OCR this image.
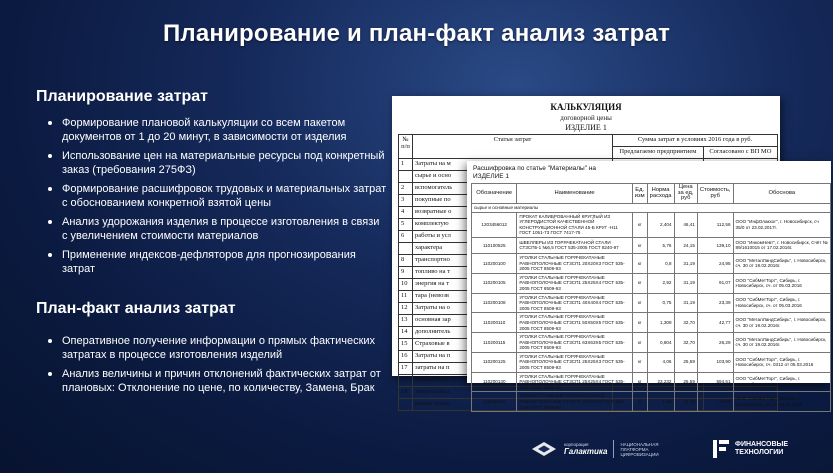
Планирование и план-факт анализ затрат
Планирование затрат
Формирование плановой калькуляции со всем пакетом документов от 1 до 20 минут, в зависимости от изделия
Использование цен на материальные ресурсы под конкретный заказ (требования 275ФЗ)
Формирование расшифровок трудовых и материальных затрат с обоснованием конкретной взятой цены
Анализ удорожания изделия в процессе изготовления в связи с увеличением стоимости материалов
Применение индексов-дефляторов для прогнозирования затрат
План-факт анализ затрат
Оперативное получение информации о прямых фактических затратах в процессе изготовления изделий
Анализ величины и причин отклонений фактических затрат от плановых: Отклонение по цене, по количеству, Замена, Брак
КАЛЬКУЛЯЦИЯ
договорной цены
ИЗДЕЛИЕ 1
№ п/п	Статьи затрат	Сумма затрат в условиях 2016 года в руб.	
		Предлагаемо предприятием	Согласовано с ВП МО
1	Затраты на м		
	сырье и осно		
2	вспомогатель		
3	покупные по		
4	возвратные о		
5	комплектую		
6	работы и усл		
	характера		
8	транспортно		
9	топливо на т		
10	энергия на т		
11	тара (невозв		
12	Затраты на о		
13	основная зар		
14	дополнитель		
15	Страховые в		
16	Затраты на п		
17	затраты на п		
	агрегатов (п		
18	затраты на п		
	новых техно		
Расшифровка по статье "Материалы" на
ИЗДЕЛИЕ 1
Обозначение	Наименование	Ед. изм	Норма расхода	Цена за ед, руб	Стоимость, руб	Обоснова
сырье и основные материалы						
1203456012	ПРОКАТ КАЛИБРОВАННЫЙ КРУГЛЫЙ ИЗ УГЛЕРОДИСТОЙ КАЧЕСТВЕННОЙ КОНСТРУКЦИОННОЙ СТАЛИ 45-Б КРУГ -Н11 ГОСТ 1051-73 ГОСТ 7417-75	кг	2,404	46,41	112,56	ООО "ИнфОлакхог", г. Новосибирск, сч 35/0 от 23.02.2017г.
110100525	ШВЕЛЛЕРЫ ИЗ ГОРЯЧЕКАТАНОЙ СТАЛИ СТ3СП5-1 №6,5 ГОСТ 535-2005 ГОСТ 8240-97	кг	5,76	24,15	139,10	ООО "ИнкомНевт", г. Новосибирск, Счёт № 89/1610015 от 17.02.2016г.
110200100	УГОЛКИ СТАЛЬНЫЕ ГОРЯЧЕКАТАНЫЕ РАВНОПОЛОЧНЫЕ СТ3СП1 20Х20Х3 ГОСТ 535-2005 ГОСТ 8509-93	кг	0,8	31,19	24,95	ООО "МеталЛандСибирь", г. Новосибирск, сч. 30 от 19.02.2016г.
110200105	УГОЛКИ СТАЛЬНЫЕ ГОРЯЧЕКАТАНЫЕ РАВНОПОЛОЧНЫЕ СТ3СП1 25Х25Х4 ГОСТ 535-2005 ГОСТ 8509-93	кг	2,92	31,19	91,07	ООО "СибМетТорг", Сибирь, г. Новосибирск, сч. от 05.03.2016
110200108	УГОЛКИ СТАЛЬНЫЕ ГОРЯЧЕКАТАНЫЕ РАВНОПОЛОЧНЫЕ СТ3СП1 40Х40Х4 ГОСТ 535-2005 ГОСТ 8509-93	кг	0,75	31,19	23,39	ООО "СибМетТорг", Сибирь, г. Новосибирск, сч. от 05.03.2016
110200110	УГОЛКИ СТАЛЬНЫЕ ГОРЯЧЕКАТАНЫЕ РАВНОПОЛОЧНЫЕ СТ3СП1 50Х50Х5 ГОСТ 535-2005 ГОСТ 8509-93	кг	1,308	32,70	42,77	ООО "МеталЛандСибирь", г. Новосибирск, сч. 30 от 19.02.2016г.
110200115	УГОЛКИ СТАЛЬНЫЕ ГОРЯЧЕКАТАНЫЕ РАВНОПОЛОЧНЫЕ СТ3СП1 63Х63Х5 ГОСТ 535-2005 ГОСТ 8509-93	кг	0,804	32,70	26,29	ООО "МеталЛандСибирь", г. Новосибирск, сч. 30 от 19.02.2016г.
110200125	УГОЛКИ СТАЛЬНЫЕ ГОРЯЧЕКАТАНЫЕ РАВНОПОЛОЧНЫЕ СТ3СП1 25Х25Х3 ГОСТ 535-2005 ГОСТ 8509-93	кг	4,06	25,59	103,90	ООО "СибМетТорг", Сибирь, г. Новосибирск, сч. 0312 от 05.03.2016
110200130	УГОЛКИ СТАЛЬНЫЕ ГОРЯЧЕКАТАНЫЕ РАВНОПОЛОЧНЫЕ СТ3СП1 25Х25Х4 ГОСТ 535-2005 ГОСТ 8509-93	кг	23,232	25,59	594,51	ООО "СибМетТорг", Сибирь, г. Новосибирск, сч. 0312 от 05.03.2016
110200140	УГОЛКИ СТАЛЬНЫЕ ГОРЯЧЕКАТАНЫЕ РАВНОПОЛОЧНЫЕ СТ3СП1 20Х20Х4 ГОСТ 535-2005 ГОСТ 8509-93	кг	1,56	31,19	48,66	ООО "СибМетТорг", Сибирь, г. Новосибирск, сч. от 05.03.2016
корпорация
Галактика
НАЦИОНАЛЬНАЯ ПЛАТФОРМА ЦИФРОВИЗАЦИИ
ФИНАНСОВЫЕ
ТЕХНОЛОГИИ
